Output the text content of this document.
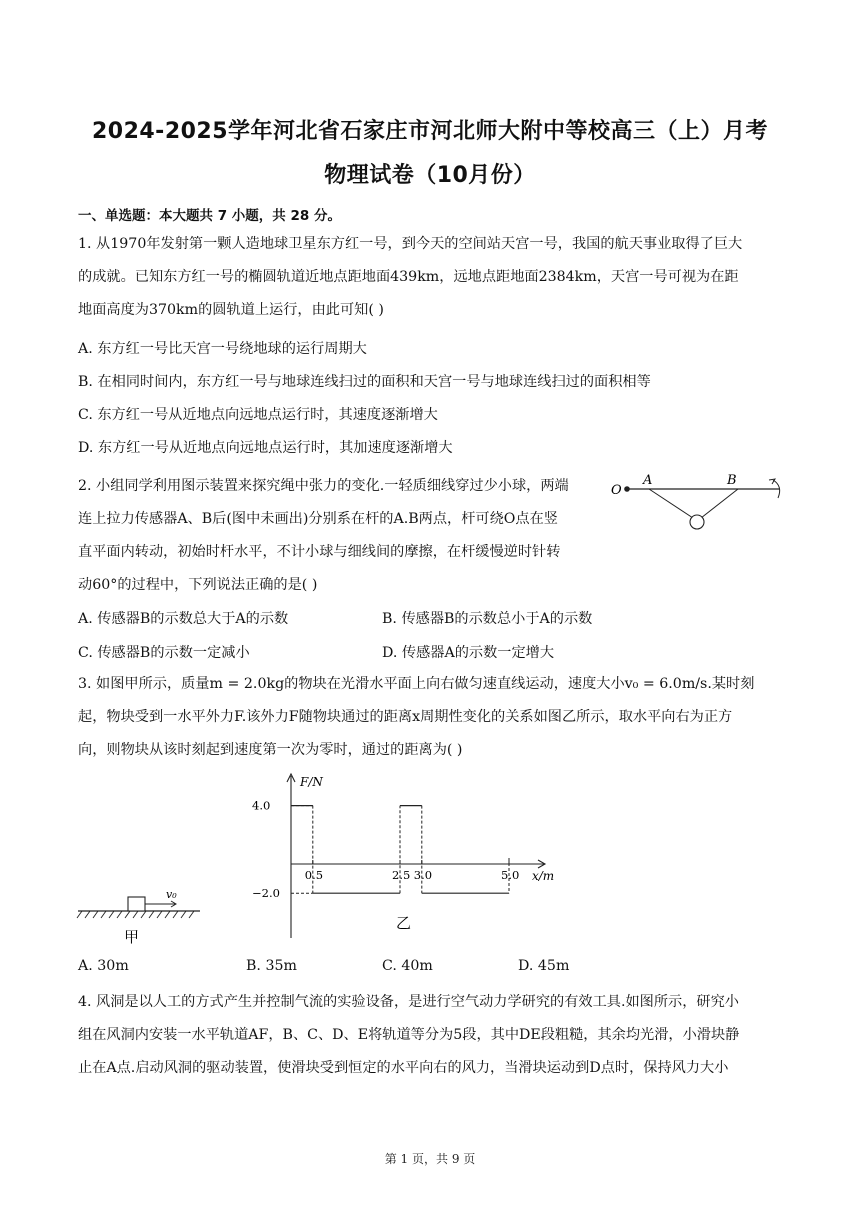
2024-2025学年河北省石家庄市河北师大附中等校高三（上）月考
物理试卷（10月份）
一、单选题：本大题共 7 小题，共 28 分。
1. 从1970年发射第一颗人造地球卫星东方红一号，到今天的空间站天宫一号，我国的航天事业取得了巨大
的成就。已知东方红一号的椭圆轨道近地点距地面439km，远地点距地面2384km，天宫一号可视为在距
地面高度为370km的圆轨道上运行，由此可知( )
A. 东方红一号比天宫一号绕地球的运行周期大
B. 在相同时间内，东方红一号与地球连线扫过的面积和天宫一号与地球连线扫过的面积相等
C. 东方红一号从近地点向远地点运行时，其速度逐渐增大
D. 东方红一号从近地点向远地点运行时，其加速度逐渐增大
2. 小组同学利用图示装置来探究绳中张力的变化.一轻质细线穿过少小球，两端
连上拉力传感器A、B后(图中未画出)分别系在杆的A.B两点，杆可绕O点在竖
直平面内转动，初始时杆水平，不计小球与细线间的摩擦，在杆缓慢逆时针转
动60°的过程中，下列说法正确的是( )
O
A	B
A. 传感器B的示数总大于A的示数	B. 传感器B的示数总小于A的示数
C. 传感器B的示数一定减小	D. 传感器A的示数一定增大
3. 如图甲所示，质量m = 2.0kg的物块在光滑水平面上向右做匀速直线运动，速度大小v₀ = 6.0m/s.某时刻
起，物块受到一水平外力F.该外力F随物块通过的距离x周期性变化的关系如图乙所示，取水平向右为正方
向，则物块从该时刻起到速度第一次为零时，通过的距离为( )
v₀
甲
F/N
x/m
乙
0.5	2.5 3.0	5.0
4.0
−2.0
A. 30m	B. 35m	C. 40m	D. 45m
4. 风洞是以人工的方式产生并控制气流的实验设备，是进行空气动力学研究的有效工具.如图所示，研究小
组在风洞内安装一水平轨道AF，B、C、D、E将轨道等分为5段，其中DE段粗糙，其余均光滑，小滑块静
止在A点.启动风洞的驱动装置，使滑块受到恒定的水平向右的风力，当滑块运动到D点时，保持风力大小
第 1 页，共 9 页
